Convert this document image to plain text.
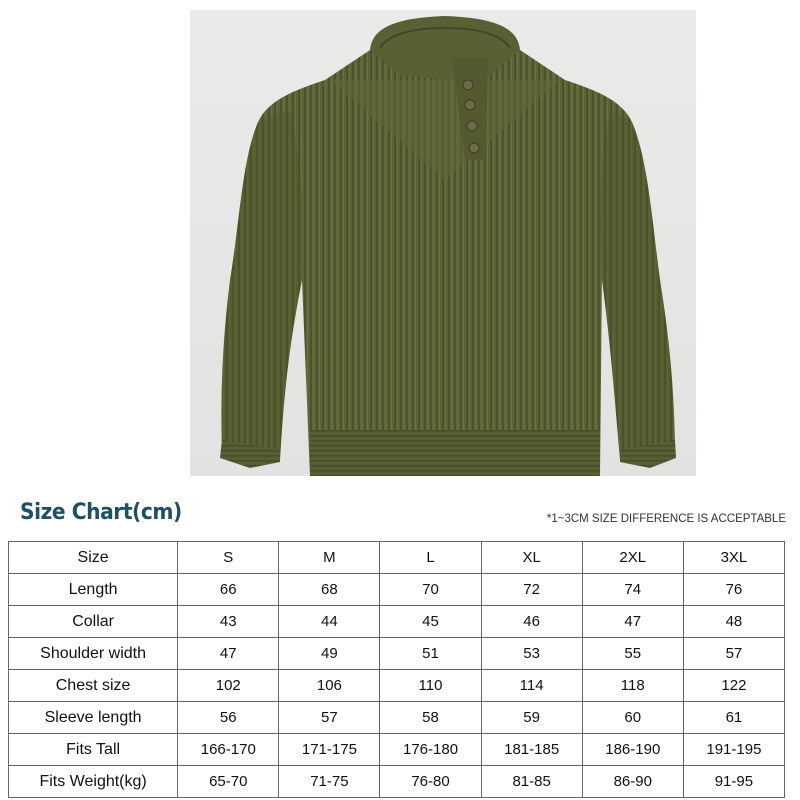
Size Chart(cm)	*1~3CM SIZE DIFFERENCE IS ACCEPTABLE
Size	S	M	L	XL	2XL	3XL
Length	66	68	70	72	74	76
Collar	43	44	45	46	47	48
Shoulder width	47	49	51	53	55	57
Chest size	102	106	110	114	118	122
Sleeve length	56	57	58	59	60	61
Fits Tall	166-170	171-175	176-180	181-185	186-190	191-195
Fits Weight(kg)	65-70	71-75	76-80	81-85	86-90	91-95
